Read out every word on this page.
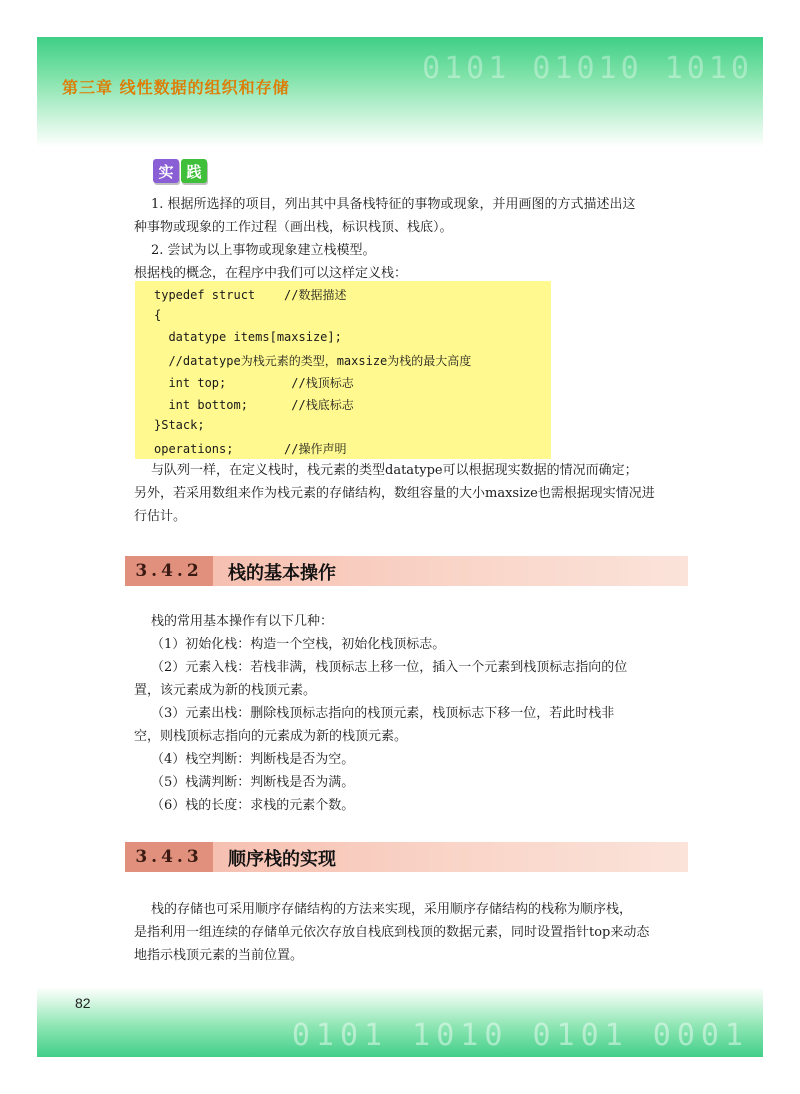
0101 01010 1010
第三章 线性数据的组织和存储
实 践
1. 根据所选择的项目，列出其中具备栈特征的事物或现象，并用画图的方式描述出这
种事物或现象的工作过程（画出栈，标识栈顶、栈底）。
2. 尝试为以上事物或现象建立栈模型。
根据栈的概念，在程序中我们可以这样定义栈：
typedef struct    //数据描述
{
datatype items[maxsize];
//datatype为栈元素的类型，maxsize为栈的最大高度
int top;         //栈顶标志
int bottom;      //栈底标志
}Stack;
operations;       //操作声明
与队列一样，在定义栈时，栈元素的类型datatype可以根据现实数据的情况而确定；
另外，若采用数组来作为栈元素的存储结构，数组容量的大小maxsize也需根据现实情况进
行估计。
3.4.2	栈的基本操作
栈的常用基本操作有以下几种：
（1）初始化栈：构造一个空栈，初始化栈顶标志。
（2）元素入栈：若栈非满，栈顶标志上移一位，插入一个元素到栈顶标志指向的位
置，该元素成为新的栈顶元素。
（3）元素出栈：删除栈顶标志指向的栈顶元素，栈顶标志下移一位，若此时栈非
空，则栈顶标志指向的元素成为新的栈顶元素。
（4）栈空判断：判断栈是否为空。
（5）栈满判断：判断栈是否为满。
（6）栈的长度：求栈的元素个数。
3.4.3	顺序栈的实现
栈的存储也可采用顺序存储结构的方法来实现，采用顺序存储结构的栈称为顺序栈，
是指利用一组连续的存储单元依次存放自栈底到栈顶的数据元素，同时设置指针top来动态
地指示栈顶元素的当前位置。
0101 1010 0101 0001
82
